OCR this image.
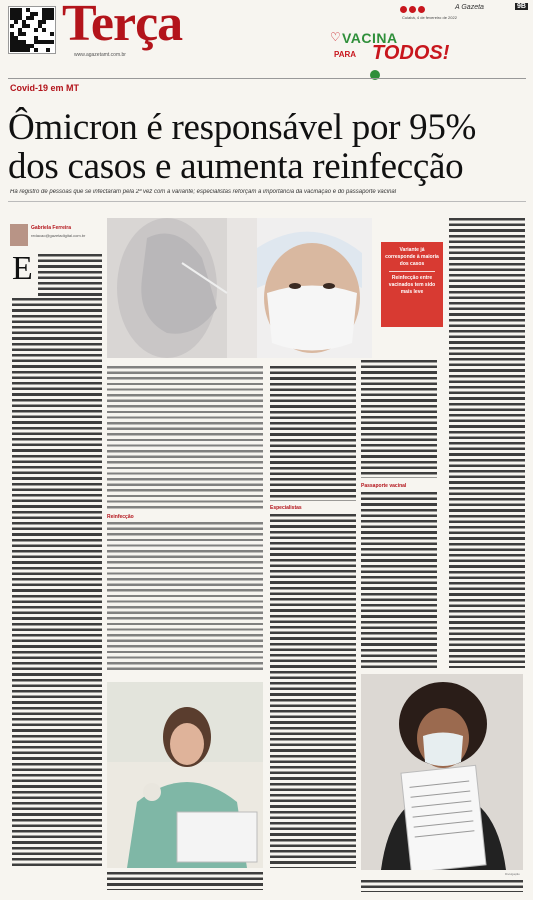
Terça
www.agazetamt.com.br
A Gazeta	9B
Cuiabá, 4 de fevereiro de 2022
♡ VACINA
PARA TODOS!
Covid-19 em MT
Ômicron é responsável por 95% dos casos e aumenta reinfecção
Há registro de pessoas que se infectaram pela 2ª vez com a variante; especialistas reforçam a importância da vacinação e do passaporte vacinal
Gabriela Ferreira
redacao@gazetadigital.com.br
E	Variante já corresponde à maioria dos casos
Reinfecção entre vacinados tem sido mais leve
Reinfecção
Especialistas
Passaporte vacinal
Divulgação
